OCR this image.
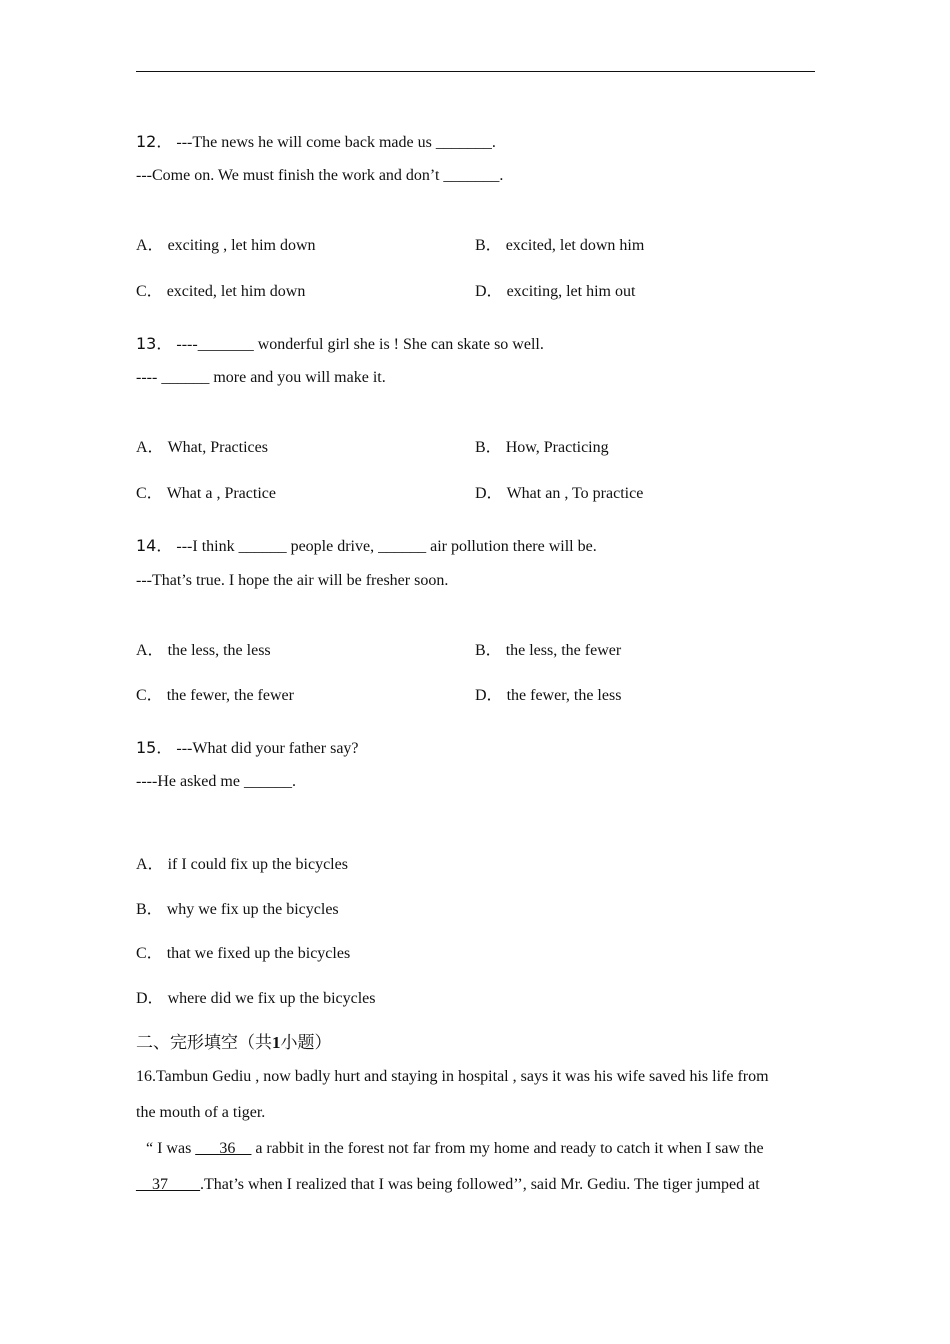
12． ---The news he will come back made us _______.
---Come on. We must finish the work and don’t _______.
A． exciting , let him down	B． excited, let down him
C． excited, let him down	D． exciting, let him out
13． ----_______ wonderful girl she is ! She can skate so well.
---- ______ more and you will make it.
A． What, Practices	B． How, Practicing
C． What a , Practice	D． What an , To practice
14． ---I think ______ people drive, ______ air pollution there will be.
---That’s true. I hope the air will be fresher soon.
A． the less, the less	B． the less, the fewer
C． the fewer, the fewer	D． the fewer, the less
15． ---What did your father say?
----He asked me ______.
A． if I could fix up the bicycles
B． why we fix up the bicycles
C． that we fixed up the bicycles
D． where did we fix up the bicycles
二、完形填空（共1小题）
16.Tambun Gediu , now badly hurt and staying in hospital , says it was his wife saved his life from
the mouth of a tiger.
“ I was ___36__ a rabbit in the forest not far from my home and ready to catch it when I saw the
__37____.That’s when I realized that I was being followed’’, said Mr. Gediu. The tiger jumped at
